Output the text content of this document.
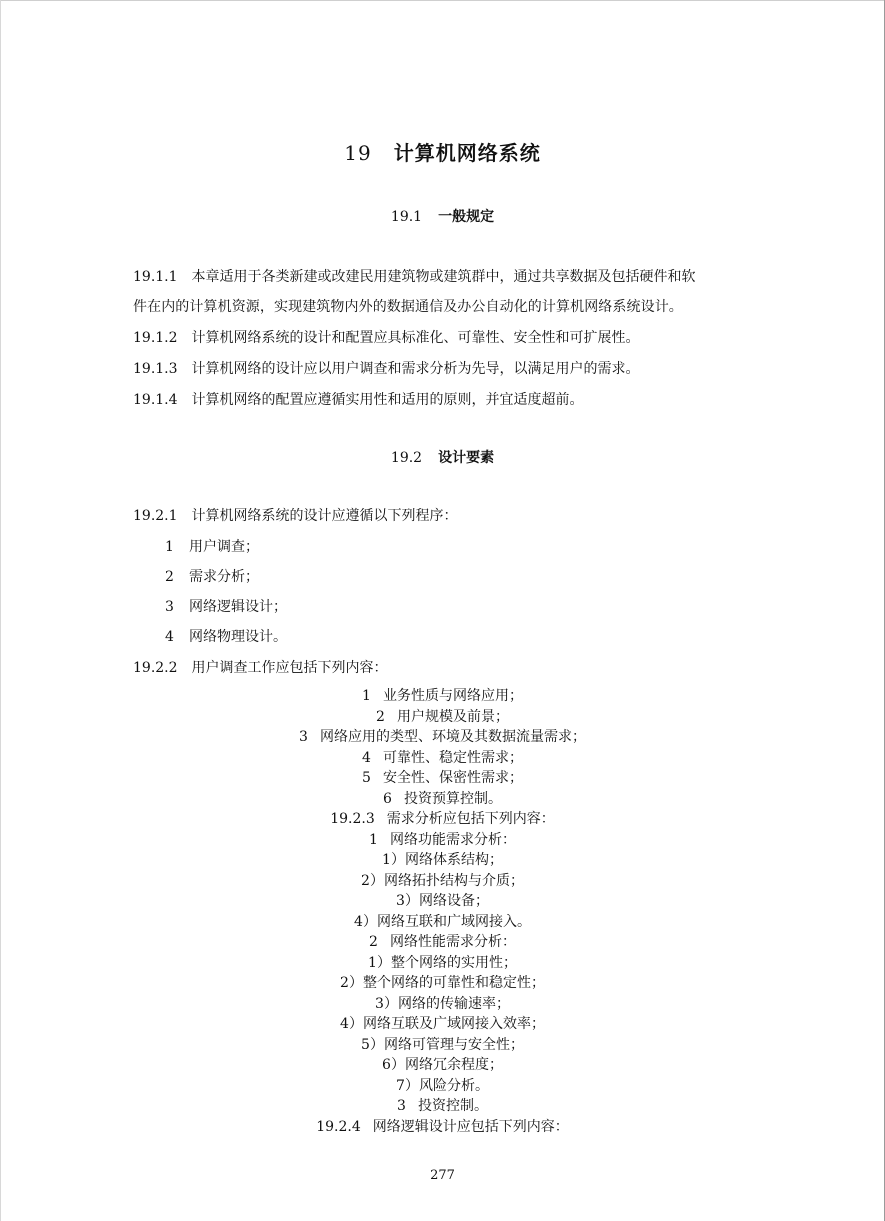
19 计算机网络系统
19.1 一般规定
19.1.1 本章适用于各类新建或改建民用建筑物或建筑群中，通过共享数据及包括硬件和软
件在内的计算机资源，实现建筑物内外的数据通信及办公自动化的计算机网络系统设计。
19.1.2 计算机网络系统的设计和配置应具标准化、可靠性、安全性和可扩展性。
19.1.3 计算机网络的设计应以用户调查和需求分析为先导，以满足用户的需求。
19.1.4 计算机网络的配置应遵循实用性和适用的原则，并宜适度超前。
19.2 设计要素
19.2.1 计算机网络系统的设计应遵循以下列程序：
1 用户调查；
2 需求分析；
3 网络逻辑设计；
4 网络物理设计。
19.2.2 用户调查工作应包括下列内容：
1 业务性质与网络应用；
2 用户规模及前景；
3 网络应用的类型、环境及其数据流量需求；
4 可靠性、稳定性需求；
5 安全性、保密性需求；
6 投资预算控制。
19.2.3 需求分析应包括下列内容：
1 网络功能需求分析：
1）网络体系结构；
2）网络拓扑结构与介质；
3）网络设备；
4）网络互联和广域网接入。
2 网络性能需求分析：
1）整个网络的实用性；
2）整个网络的可靠性和稳定性；
3）网络的传输速率；
4）网络互联及广域网接入效率；
5）网络可管理与安全性；
6）网络冗余程度；
7）风险分析。
3 投资控制。
19.2.4 网络逻辑设计应包括下列内容：
277
